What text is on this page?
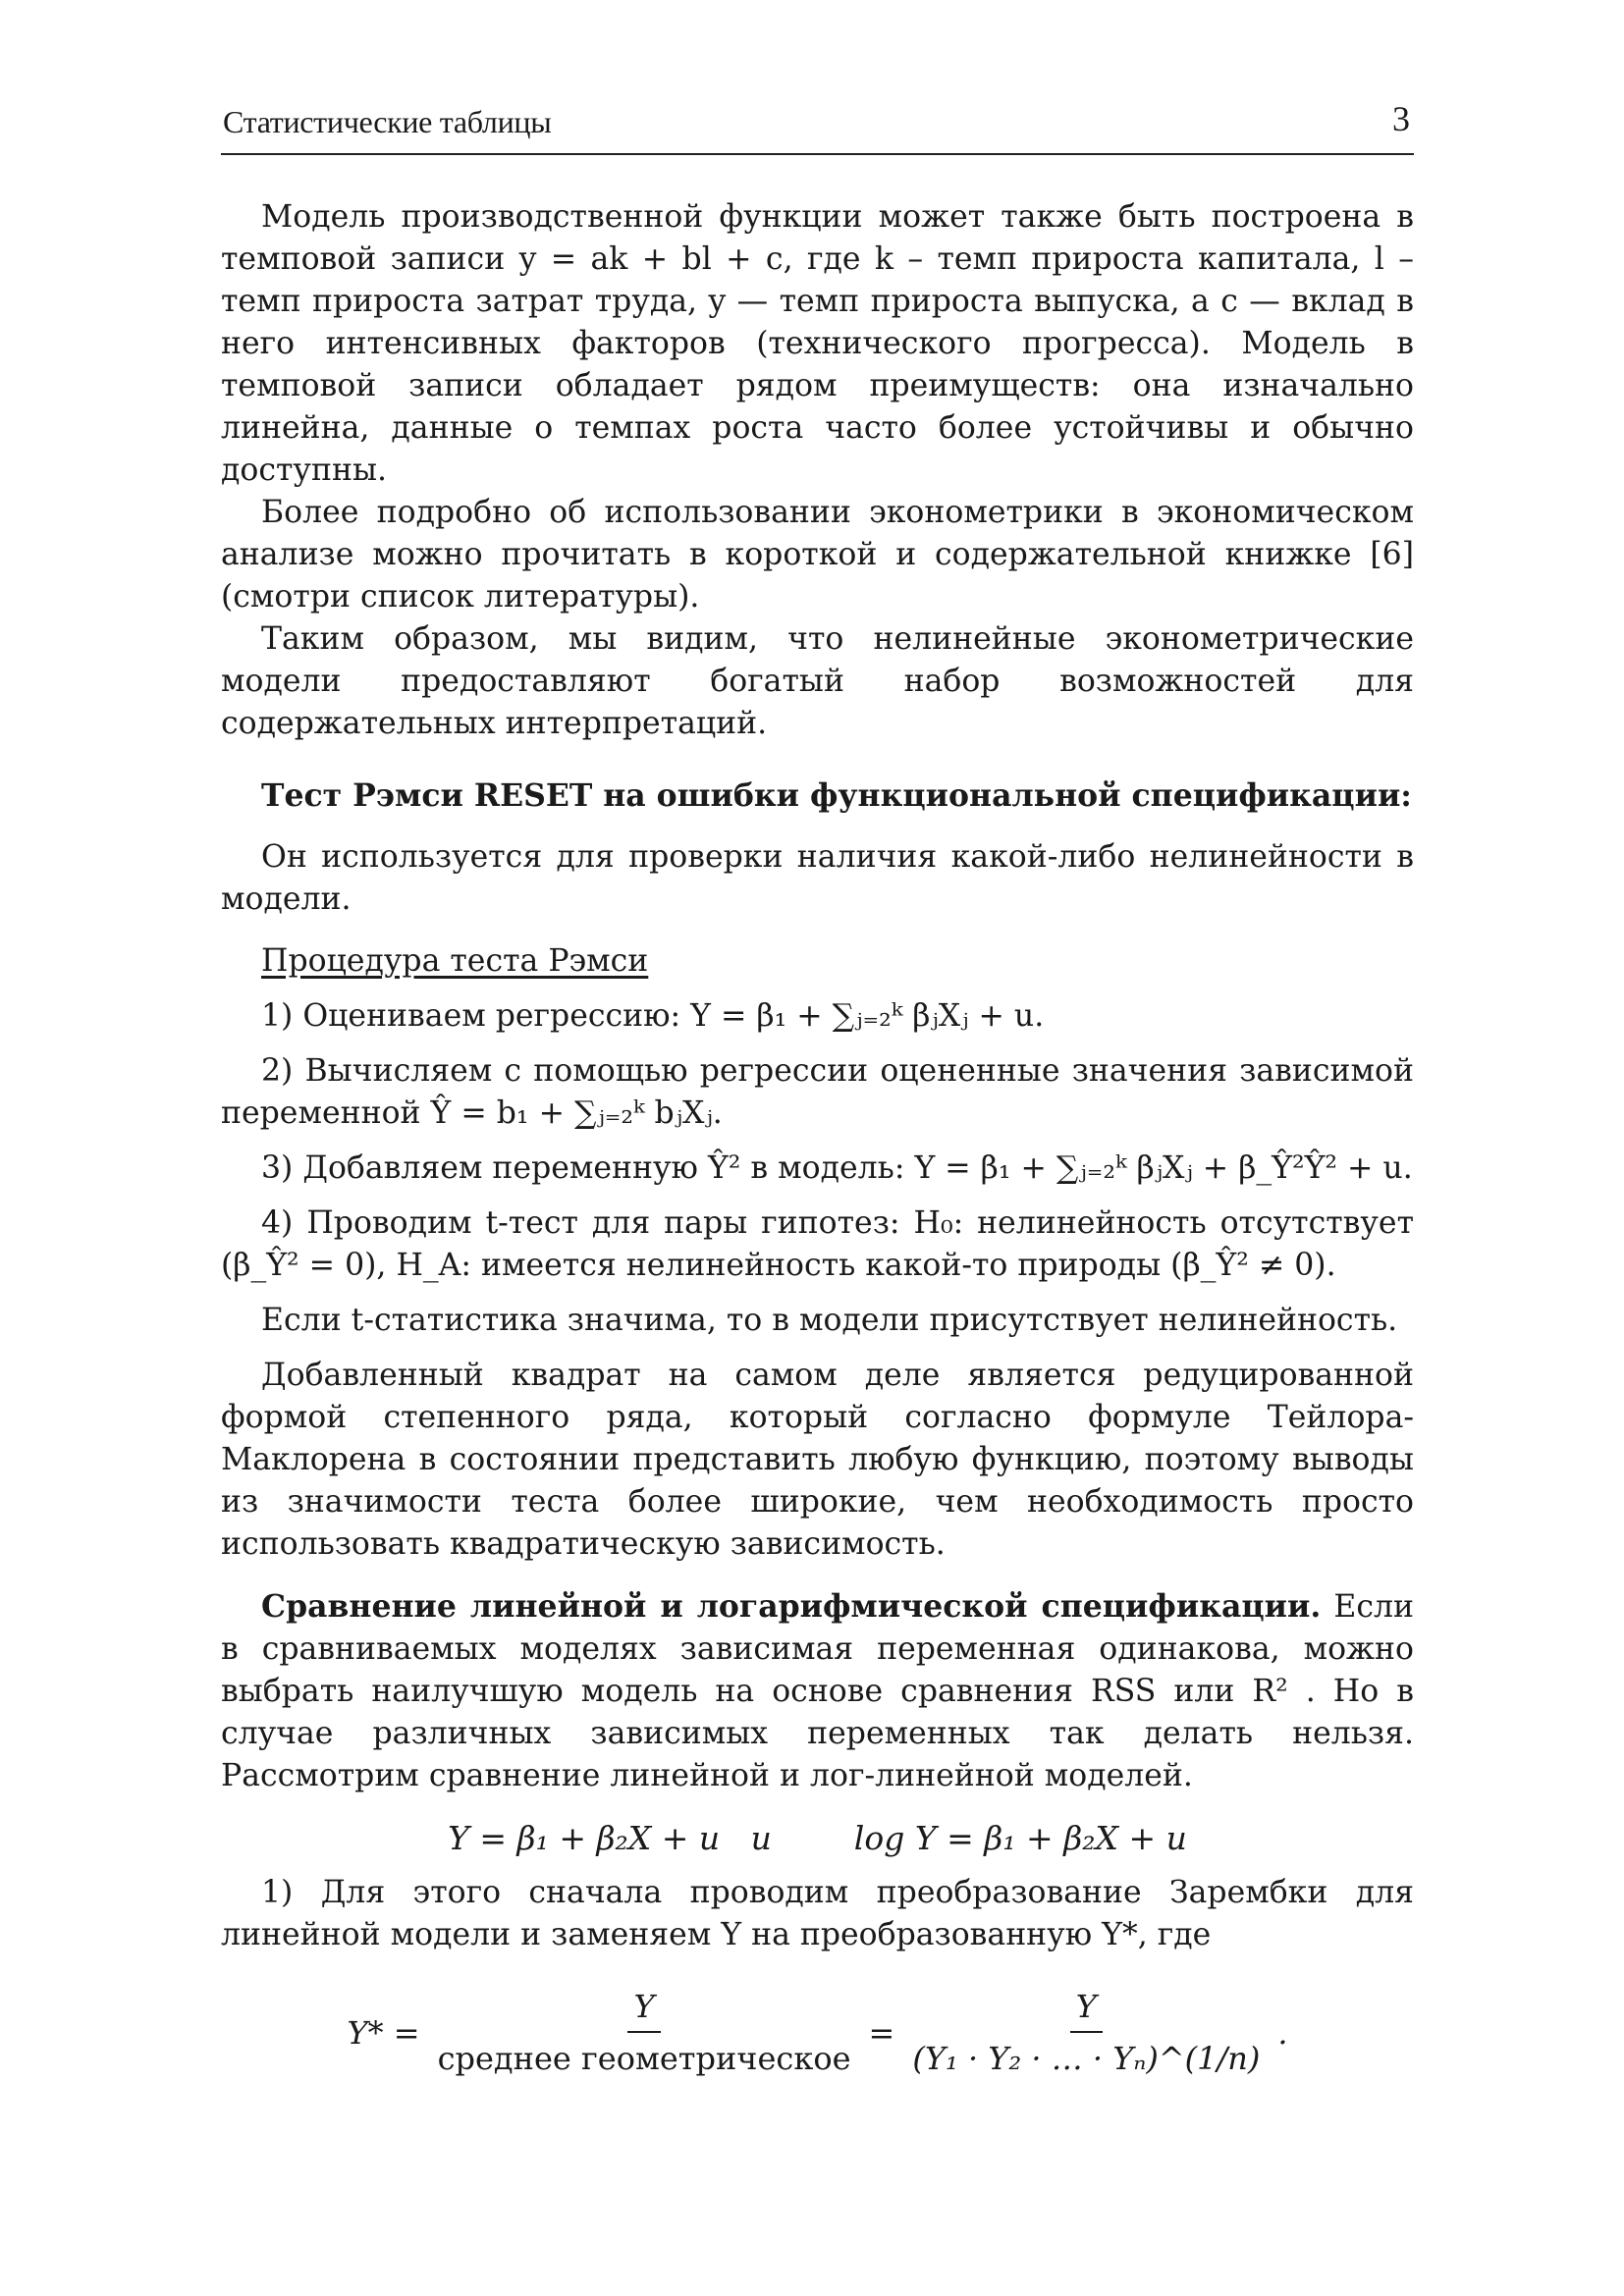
Статистические таблицы	3

Модель производственной функции может также быть построена в темповой записи y = ak + bl + c, где k – темп прироста капитала, l – темп прироста затрат труда, y — темп прироста выпуска, а c — вклад в него интенсивных факторов (технического прогресса). Модель в темповой записи обладает рядом преимуществ: она изначально линейна, данные о темпах роста часто более устойчивы и обычно доступны.

Более подробно об использовании эконометрики в экономическом анализе можно прочитать в короткой и содержательной книжке [6] (смотри список литературы).

Таким образом, мы видим, что нелинейные эконометрические модели предоставляют богатый набор возможностей для содержательных интерпретаций.

Тест Рэмси RESET на ошибки функциональной спецификации:

Он используется для проверки наличия какой-либо нелинейности в модели.

Процедура теста Рэмси

1) Оцениваем регрессию: Y = β₁ + ∑ⱼ₌₂ᵏ βⱼXⱼ + u.

2) Вычисляем с помощью регрессии оцененные значения зависимой переменной Ŷ = b₁ + ∑ⱼ₌₂ᵏ bⱼXⱼ.

3) Добавляем переменную Ŷ² в модель: Y = β₁ + ∑ⱼ₌₂ᵏ βⱼXⱼ + β_Ŷ²Ŷ² + u.

4) Проводим t-тест для пары гипотез: H₀: нелинейность отсутствует (β_Ŷ² = 0), H_A: имеется нелинейность какой-то природы (β_Ŷ² ≠ 0).

Если t-статистика значима, то в модели присутствует нелинейность.

Добавленный квадрат на самом деле является редуцированной формой степенного ряда, который согласно формуле Тейлора-Маклорена в состоянии представить любую функцию, поэтому выводы из значимости теста более широкие, чем необходимость просто использовать квадратическую зависимость.

Сравнение линейной и логарифмической спецификации. Если в сравниваемых моделях зависимая переменная одинакова, можно выбрать наилучшую модель на основе сравнения RSS или R² . Но в случае различных зависимых переменных так делать нельзя. Рассмотрим сравнение линейной и лог-линейной моделей.

Y = β₁ + β₂X + u   и        log Y = β₁ + β₂X + u

1) Для этого сначала проводим преобразование Зарембки для линейной модели и заменяем Y на преобразованную Y*, где

$Y* = \frac{Y}{\text{среднее геометрическое}} = \frac{Y}{\text{(Y₁ · Y₂ · … · Yₙ)\textasciicircum{}(1/n)}}$ .
